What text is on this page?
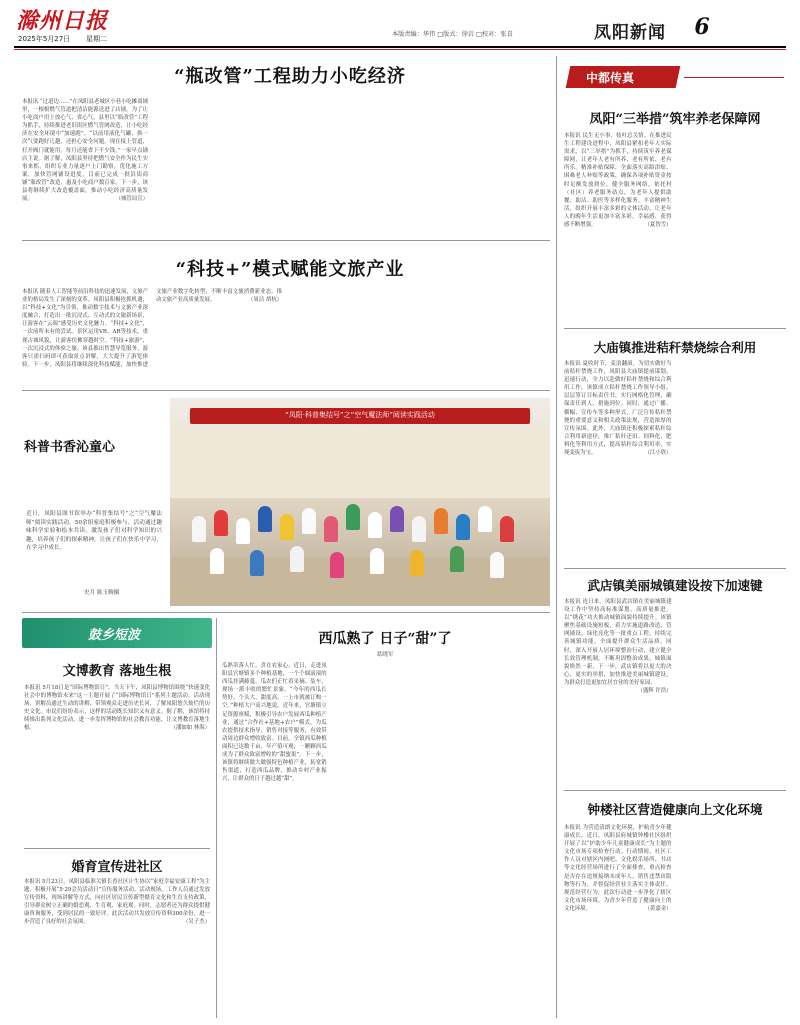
滁州日报
2025年5月27日 星期二
本版责编：华伟 □版式：徐岩 □校对：张喜	凤阳新闻 6
“瓶改管”工程助力小吃经济
本报讯 “过道边……”在凤阳县老城区小巷小吃摊商铺里，一根根燃气管道把清洁能源送进了店铺。为了让小吃商户用上放心气、省心气，县里以“瓶改管”工程为抓手，持续推进老旧街区燃气管网改造，让小吃经济在安全环境中“加速跑”。“以前用液化气罐，换一次气要跑好几趟，还担心安全问题。现在接上管道，打开阀门就能用，每月还能省下不少钱。”一家早点铺店主说。据了解，凤阳县坚持把燃气安全作为民生实事来抓，组织专业力量逐户上门勘察，优化施工方案，加快管网铺设进度，目前已完成一批沿街商铺“瓶改管”改造，惠及小吃商户数百家。下一步，该县将继续扩大改造覆盖面，推动小吃经济高质量发展。	（城管局宣）
“科技+”模式赋能文旅产业
本报讯 随着人工智能等前沿科技的迅速发展，文旅产业的格局发生了深刻的变革。凤阳县积极抢抓机遇，以“科技+文化”为引领，推动数字技术与文旅产业深度融合，打造出一批沉浸式、互动式的文旅新场景，让游客在“云端”感受历史文化魅力。“科技+文化”，一次前所未有的尝试。景区运用VR、AR等技术，重现古城风貌，让游客仿佛穿越时空。“科技+旅游”，一次沉浸式的体验之旅。该县推出智慧导览服务，游客只需扫码即可获取景点讲解，大大提升了游览体验。下一步，凤阳县将继续深化科技赋能，加快推进文旅产业数字化转型，不断丰富文旅消费新业态，推动文旅产业高质量发展。	（周洁 胡杭）
科普书香沁童心
近日，凤阳县图书馆举办“科普集结号”之“空气魔法师”阅读实践活动，50余组家庭积极参与。活动通过趣味科学实验和绘本共读，激发孩子们对科学知识的兴趣，培养孩子们的探索精神，让孩子们在快乐中学习，在学习中成长。
史月 陈玉婉摄
“凤阳·科普集结号”之“空气魔法师”阅读实践活动
鼓乡短波
文博教育 落地生根
本报讯 5月18日是“国际博物馆日”，当天下午，凤阳县博物馆围绕“快速变化社会中的博物馆未来”这一主题开展了“国际博物馆日”系列主题活动。活动现场，讲解员通过生动的讲解，带领观众走进历史长河，了解凤阳悠久灿烂的历史文化。市民们纷纷表示，这样的活动既长知识又有意义。据了解，该馆将持续推出系列文化活动，进一步发挥博物馆的社会教育功能，让文博教育落地生根。	（潘如如 林海）
婚育宣传进社区
本报讯 5月23日，凤阳县临淮关镇长香社区计生协以“家庭幸福安康工程”为主题，积极开展“5·29会员活动日”宣传服务活动。活动现场，工作人员通过发放宣传资料、现场讲解等方式，向社区居民宣传新型婚育文化和生育支持政策，引导群众树立正确的婚恋观、生育观、家庭观。同时，志愿者还为群众提供健康咨询服务，受到居民的一致好评。此次活动共发放宣传资料300余份，进一步营造了良好的社会氛围。	（吴子杰）
西瓜熟了 日子“甜”了
葛晓军
瓜熟蒂落人忙，喜在农家心。近日，走进凤阳县官塘镇多个种植基地，一个个圆滚滚的西瓜挂满藤蔓，瓜农们正忙着采摘、装车，现场一派丰收的繁忙景象。“今年的西瓜长势好、个头大、甜度高，一上市就被订购一空。”种植大户高兴地说。近年来，官塘镇立足资源禀赋，积极引导农户发展西瓜种植产业，通过“合作社+基地+农户”模式，为瓜农提供技术指导、销售对接等服务，有效带动周边群众增收致富。目前，全镇西瓜种植面积已达数千亩，年产值可观，一颗颗西瓜成为了群众致富增收的“甜蜜果”。下一步，该镇将继续做大做强特色种植产业，拓宽销售渠道，打造西瓜品牌，推动乡村产业振兴，让群众的日子越过越“甜”。
中都传真
凤阳“三举措”筑牢养老保障网
本报讯 民生无小事，枝叶总关情。在推进民生工程建设进程中，凤阳县紧扣老年人实际需求，以“三举措”为抓手，持续筑牢养老保障网，让老年人老有所养、老有所依、老有所乐。精准补贴保障，全面落实高龄津贴、困难老人补贴等政策，确保各项补贴资金按时足额发放到位。健全服务网络，依托村（社区）养老服务站点，为老年人提供助餐、助洁、助医等多样化服务。丰富精神生活，组织开展丰富多彩的文体活动，让老年人的晚年生活更加丰富多彩，幸福感、获得感不断增强。	（夏智雪）
大庙镇推进秸秆禁烧综合利用
本报讯 夏收时节，麦浪翻滚。为切实做好当前秸秆禁烧工作，凤阳县大庙镇提前谋划、迅速行动，全力以赴做好秸秆禁烧和综合利用工作。该镇成立秸秆禁烧工作领导小组，层层签订目标责任书，实行网格化管理，确保责任到人、措施到位。同时，通过广播、横幅、宣传车等多种形式，广泛宣传秸秆禁烧的重要意义和相关政策法规，营造浓厚的宣传氛围。此外，大庙镇还积极探索秸秆综合利用新途径，推广秸秆还田、饲料化、肥料化等利用方式，提高秸秆综合利用率，实现变废为宝。	（江小欣）
武店镇美丽城镇建设按下加速键
本报讯 连日来，凤阳县武店镇在美丽城镇建设工作中坚持高标准谋划、高质量推进，以“绣花”功夫推动城镇面貌持续提升。该镇聚焦基础设施短板，着力实施道路改造、管网铺设、绿化亮化等一批重点工程，持续完善城镇功能，全面提升群众生活品质。同时，深入开展人居环境整治行动，建立健全长效管理机制，不断巩固整治成果，城镇面貌焕然一新。下一步，武店镇将以更大的决心、更实的举措，加快推进美丽城镇建设，为群众打造更加宜居宜业的美好家园。
（盛辉 许浩）
钟楼社区营造健康向上文化环境
本报讯 为营造清朗文化环境，护航青少年健康成长，近日，凤阳县府城镇钟楼社区组织开展了以“护助少年儿童健康成长”为主题的文化市场专项检查行动。行动期间，社区工作人员对辖区内网吧、文化娱乐场所、书店等文化经营场所进行了全面排查，重点检查是否存在违规接纳未成年人、销售违禁出版物等行为，并督促经营业主落实主体责任，规范经营行为。此次行动进一步净化了辖区文化市场环境，为青少年营造了健康向上的文化环境。	（黄嘉金）
